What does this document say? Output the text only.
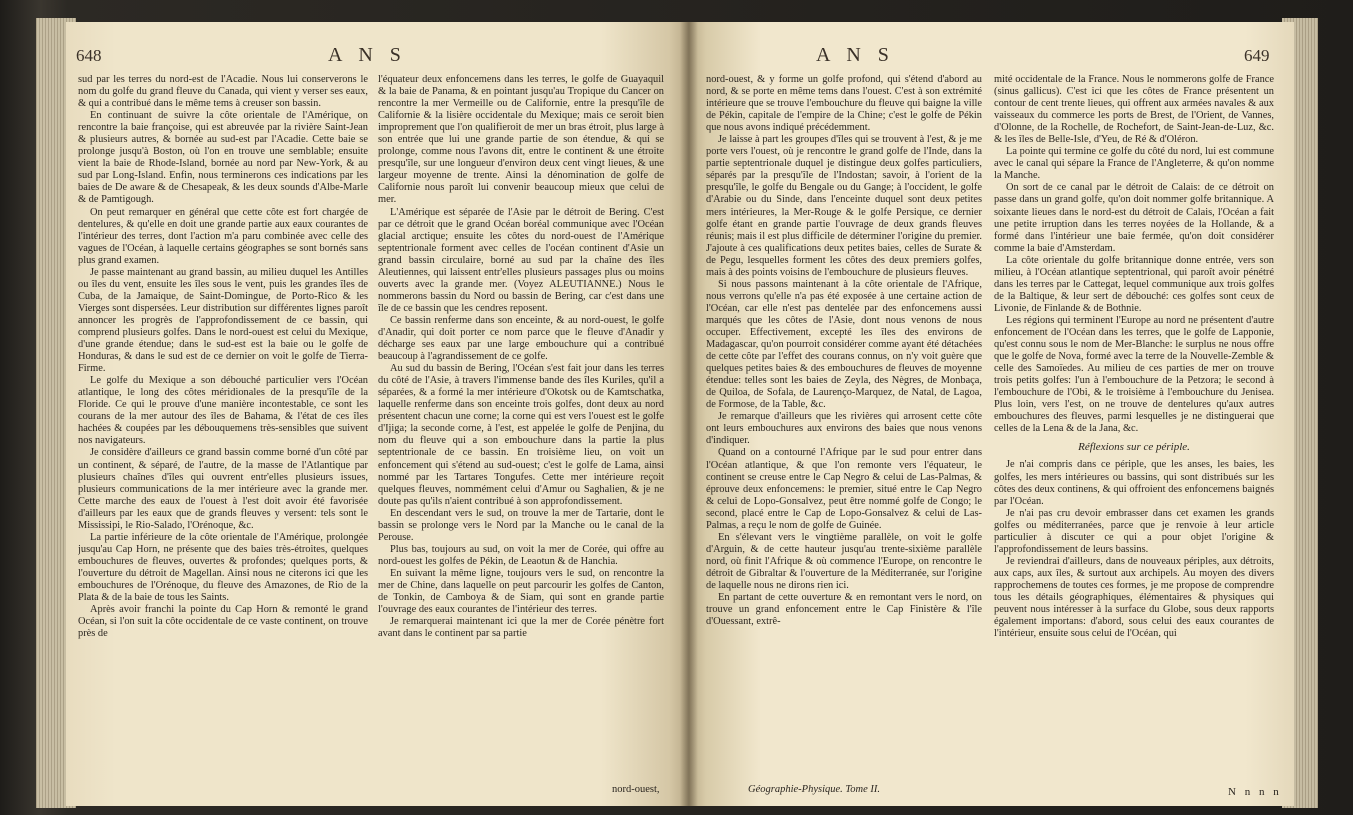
648	A N S

sud par les terres du nord-est de l'Acadie. Nous lui conserverons le nom du golfe du grand fleuve du Canada, qui vient y verser ses eaux, & qui a contribué dans le même tems à creuser son bassin.

En continuant de suivre la côte orientale de l'Amérique, on rencontre la baie françoise, qui est abreuvée par la rivière Saint-Jean & plusieurs autres, & bornée au sud-est par l'Acadie. Cette baie se prolonge jusqu'à Boston, où l'on en trouve une semblable; ensuite vient la baie de Rhode-Island, bornée au nord par New-York, & au sud par Long-Island. Enfin, nous terminerons ces indications par les baies de De aware & de Chesapeak, & les deux sounds d'Albe-Marle & de Pamtigough.

On peut remarquer en général que cette côte est fort chargée de dentelures, & qu'elle en doit une grande partie aux eaux courantes de l'intérieur des terres, dont l'action m'a paru combinée avec celle des vagues de l'Océan, à laquelle certains géographes se sont bornés sans plus grand examen.

Je passe maintenant au grand bassin, au milieu duquel les Antilles ou îles du vent, ensuite les îles sous le vent, puis les grandes îles de Cuba, de la Jamaique, de Saint-Domingue, de Porto-Rico & les Vierges sont dispersées. Leur distribution sur différentes lignes paroît annoncer les progrès de l'approfondissement de ce bassin, qui comprend plusieurs golfes. Dans le nord-ouest est celui du Mexique, d'une grande étendue; dans le sud-est est la baie ou le golfe de Honduras, & dans le sud est de ce dernier on voit le golfe de Tierra-Firme.

Le golfe du Mexique a son débouché particulier vers l'Océan atlantique, le long des côtes méridionales de la presqu'île de la Floride. Ce qui le prouve d'une manière incontestable, ce sont les courans de la mer autour des îles de Bahama, & l'état de ces îles hachées & coupées par les débouquemens très-sensibles que suivent nos navigateurs.

Je considère d'ailleurs ce grand bassin comme borné d'un côté par un continent, & séparé, de l'autre, de la masse de l'Atlantique par plusieurs chaînes d'îles qui ouvrent entr'elles plusieurs issues, plusieurs communications de la mer intérieure avec la grande mer. Cette marche des eaux de l'ouest à l'est doit avoir été favorisée d'ailleurs par les eaux que de grands fleuves y versent: tels sont le Mississipi, le Rio-Salado, l'Orénoque, &c.

La partie inférieure de la côte orientale de l'Amérique, prolongée jusqu'au Cap Horn, ne présente que des baies très-étroites, quelques embouchures de fleuves, ouvertes & profondes; quelques ports, & l'ouverture du détroit de Magellan. Ainsi nous ne citerons ici que les embouchures de l'Orénoque, du fleuve des Amazones, de Rio de la Plata & de la baie de tous les Saints.

Après avoir franchi la pointe du Cap Horn & remonté le grand Océan, si l'on suit la côte occidentale de ce vaste continent, on trouve près de

l'équateur deux enfoncemens dans les terres, le golfe de Guayaquil & la baie de Panama, & en pointant jusqu'au Tropique du Cancer on rencontre la mer Vermeille ou de Californie, entre la presqu'île de Californie & la lisière occidentale du Mexique; mais ce seroit bien improprement que l'on qualifieroit de mer un bras étroit, plus large à son entrée que lui une grande partie de son étendue, & qui se prolonge, comme nous l'avons dit, entre le continent & une étroite presqu'île, sur une longueur d'environ deux cent vingt lieues, & une largeur moyenne de trente. Ainsi la dénomination de golfe de Californie nous paroît lui convenir beaucoup mieux que celui de mer.

L'Amérique est séparée de l'Asie par le détroit de Bering. C'est par ce détroit que le grand Océan boréal communique avec l'Océan glacial arctique; ensuite les côtes du nord-ouest de l'Amérique septentrionale forment avec celles de l'océan continent d'Asie un grand bassin circulaire, borné au sud par la chaîne des îles Aleutiennes, qui laissent entr'elles plusieurs passages plus ou moins ouverts avec la grande mer. (Voyez ALEUTIANNE.) Nous le nommerons bassin du Nord ou bassin de Bering, car c'est dans une île de ce bassin que les cendres reposent.

Ce bassin renferme dans son enceinte, & au nord-ouest, le golfe d'Anadir, qui doit porter ce nom parce que le fleuve d'Anadir y décharge ses eaux par une large embouchure qui a contribué beaucoup à l'agrandissement de ce golfe.

Au sud du bassin de Bering, l'Océan s'est fait jour dans les terres du côté de l'Asie, à travers l'immense bande des îles Kuriles, qu'il a séparées, & a formé la mer intérieure d'Okotsk ou de Kamtschatka, laquelle renferme dans son enceinte trois golfes, dont deux au nord présentent chacun une corne; la corne qui est vers l'ouest est le golfe d'Ijiga; la seconde corne, à l'est, est appelée le golfe de Penjina, du nom du fleuve qui a son embouchure dans la partie la plus septentrionale de ce bassin. En troisième lieu, on voit un enfoncement qui s'étend au sud-ouest; c'est le golfe de Lama, ainsi nommé par les Tartares Tongufes. Cette mer intérieure reçoit quelques fleuves, nommément celui d'Amur ou Saghalien, & je ne doute pas qu'ils n'aient contribué à son approfondissement.

En descendant vers le sud, on trouve la mer de Tartarie, dont le bassin se prolonge vers le Nord par la Manche ou le canal de la Perouse.

Plus bas, toujours au sud, on voit la mer de Corée, qui offre au nord-ouest les golfes de Pékin, de Leaotun & de Hanchia.

En suivant la même ligne, toujours vers le sud, on rencontre la mer de Chine, dans laquelle on peut parcourir les golfes de Canton, de Tonkin, de Camboya & de Siam, qui sont en grande partie l'ouvrage des eaux courantes de l'intérieur des terres.

Je remarquerai maintenant ici que la mer de Corée pénètre fort avant dans le continent par sa partie

nord-ouest,
A N S	649

nord-ouest, & y forme un golfe profond, qui s'étend d'abord au nord, & se porte en même tems dans l'ouest. C'est à son extrémité intérieure que se trouve l'embouchure du fleuve qui baigne la ville de Pékin, capitale de l'empire de la Chine; c'est le golfe de Pékin que nous avons indiqué précédemment.

Je laisse à part les groupes d'îles qui se trouvent à l'est, & je me porte vers l'ouest, où je rencontre le grand golfe de l'Inde, dans la partie septentrionale duquel je distingue deux golfes particuliers, séparés par la presqu'île de l'Indostan; savoir, à l'orient de la presqu'île, le golfe du Bengale ou du Gange; à l'occident, le golfe d'Arabie ou du Sinde, dans l'enceinte duquel sont deux petites mers intérieures, la Mer-Rouge & le golfe Persique, ce dernier golfe étant en grande partie l'ouvrage de deux grands fleuves réunis; mais il est plus difficile de déterminer l'origine du premier. J'ajoute à ces qualifications deux petites baies, celles de Surate & de Pegu, lesquelles forment les côtes des deux premiers golfes, mais à des points voisins de l'embouchure de plusieurs fleuves.

Si nous passons maintenant à la côte orientale de l'Afrique, nous verrons qu'elle n'a pas été exposée à une certaine action de l'Océan, car elle n'est pas dentelée par des enfoncemens aussi marqués que les côtes de l'Asie, dont nous venons de nous occuper. Effectivement, excepté les îles des environs de Madagascar, qu'on pourroit considérer comme ayant été détachées de cette côte par l'effet des courans connus, on n'y voit guère que quelques petites baies & des embouchures de fleuves de moyenne étendue: telles sont les baies de Zeyla, des Nègres, de Monbaça, de Quiloa, de Sofala, de Laurenço-Marquez, de Natal, de Lagoa, de Formose, de la Table, &c.

Je remarque d'ailleurs que les rivières qui arrosent cette côte ont leurs embouchures aux environs des baies que nous venons d'indiquer.

Quand on a contourné l'Afrique par le sud pour entrer dans l'Océan atlantique, & que l'on remonte vers l'équateur, le continent se creuse entre le Cap Negro & celui de Las-Palmas, & éprouve deux enfoncemens: le premier, situé entre le Cap Negro & celui de Lopo-Gonsalvez, peut être nommé golfe de Congo; le second, placé entre le Cap de Lopo-Gonsalvez & celui de Las-Palmas, a reçu le nom de golfe de Guinée.

En s'élevant vers le vingtième parallèle, on voit le golfe d'Arguin, & de cette hauteur jusqu'au trente-sixième parallèle nord, où finit l'Afrique & où commence l'Europe, on rencontre le détroit de Gibraltar & l'ouverture de la Méditerranée, sur l'origine de laquelle nous ne dirons rien ici.

En partant de cette ouverture & en remontant vers le nord, on trouve un grand enfoncement entre le Cap Finistère & l'île d'Ouessant, extrê-

Géographie-Physique. Tome II.

mité occidentale de la France. Nous le nommerons golfe de France (sinus gallicus). C'est ici que les côtes de France présentent un contour de cent trente lieues, qui offrent aux armées navales & aux vaisseaux du commerce les ports de Brest, de l'Orient, de Vannes, d'Olonne, de la Rochelle, de Rochefort, de Saint-Jean-de-Luz, &c. & les îles de Belle-Isle, d'Yeu, de Ré & d'Oléron.

La pointe qui termine ce golfe du côté du nord, lui est commune avec le canal qui sépare la France de l'Angleterre, & qu'on nomme la Manche.

On sort de ce canal par le détroit de Calais: de ce détroit on passe dans un grand golfe, qu'on doit nommer golfe britannique. A soixante lieues dans le nord-est du détroit de Calais, l'Océan a fait une petite irruption dans les terres noyées de la Hollande, & a formé dans l'intérieur une baie fermée, qu'on doit considérer comme la baie d'Amsterdam.

La côte orientale du golfe britannique donne entrée, vers son milieu, à l'Océan atlantique septentrional, qui paroît avoir pénétré dans les terres par le Cattegat, lequel communique aux trois golfes de la Baltique, & leur sert de débouché: ces golfes sont ceux de Livonie, de Finlande & de Bothnie.

Les régions qui terminent l'Europe au nord ne présentent d'autre enfoncement de l'Océan dans les terres, que le golfe de Lapponie, qu'est connu sous le nom de Mer-Blanche: le surplus ne nous offre que le golfe de Nova, formé avec la terre de la Nouvelle-Zemble & celle des Samoïedes. Au milieu de ces parties de mer on trouve trois petits golfes: l'un à l'embouchure de la Petzora; le second à l'embouchure de l'Obi, & le troisième à l'embouchure du Jenisea. Plus loin, vers l'est, on ne trouve de dentelures qu'aux autres embouchures des fleuves, parmi lesquelles je ne distinguerai que celles de la Lena & de la Jana, &c.

Réflexions sur ce périple.

Je n'ai compris dans ce périple, que les anses, les baies, les golfes, les mers intérieures ou bassins, qui sont distribués sur les côtes des deux continens, & qui offroient des enfoncemens baignés par l'Océan.

Je n'ai pas cru devoir embrasser dans cet examen les grands golfes ou méditerranées, parce que je renvoie à leur article particulier à discuter ce qui a pour objet l'origine & l'approfondissement de leurs bassins.

Je reviendrai d'ailleurs, dans de nouveaux périples, aux détroits, aux caps, aux îles, & surtout aux archipels. Au moyen des divers rapprochemens de toutes ces formes, je me propose de comprendre tous les détails géographiques, élémentaires & physiques qui peuvent nous intéresser à la surface du Globe, sous deux rapports également importans: d'abord, sous celui des eaux courantes de l'intérieur, ensuite sous celui de l'Océan, qui

N n n n
